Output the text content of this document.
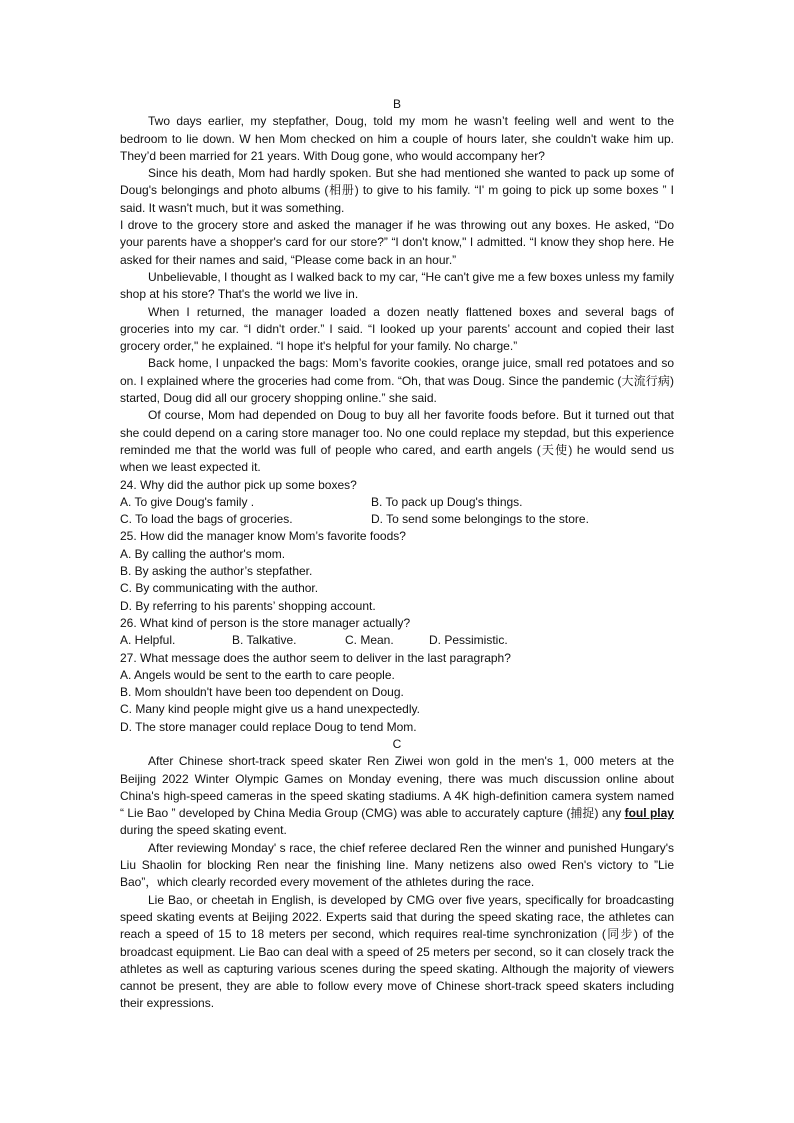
B

Two days earlier, my stepfather, Doug, told my mom he wasn’t feeling well and went to the bedroom to lie down. W hen Mom checked on him a couple of hours later, she couldn't wake him up. They’d been married for 21 years. With Doug gone, who would accompany her?

Since his death, Mom had hardly spoken. But she had mentioned she wanted to pack up some of Doug's belongings and photo albums (相册) to give to his family. “I' m going to pick up some boxes ” I said. It wasn't much, but it was something.

I drove to the grocery store and asked the manager if he was throwing out any boxes. He asked, “Do your parents have a shopper's card for our store?” “I don't know," I admitted. “I know they shop here. He asked for their names and said, “Please come back in an hour.”

Unbelievable, I thought as I walked back to my car, “He can't give me a few boxes unless my family shop at his store? That's the world we live in.

When I returned, the manager loaded a dozen neatly flattened boxes and several bags of groceries into my car. “I didn't order.” I said. “I looked up your parents’ account and copied their last grocery order," he explained. “I hope it's helpful for your family. No charge.”

Back home, I unpacked the bags: Mom’s favorite cookies, orange juice, small red potatoes and so on. I explained where the groceries had come from. “Oh, that was Doug. Since the pandemic (大流行病) started, Doug did all our grocery shopping online.” she said.

Of course, Mom had depended on Doug to buy all her favorite foods before. But it turned out that she could depend on a caring store manager too. No one could replace my stepdad, but this experience reminded me that the world was full of people who cared, and earth angels (天使) he would send us when we least expected it.

24. Why did the author pick up some boxes?

A. To give Doug's family .	B. To pack up Doug's things.
C. To load the bags of groceries.	D. To send some belongings to the store.

25. How did the manager know Mom’s favorite foods?

A. By calling the author's mom.

B. By asking the author’s stepfather.

C. By communicating with the author.

D. By referring to his parents’ shopping account.

26. What kind of person is the store manager actually?

A. Helpful.	B. Talkative.	C. Mean.	D. Pessimistic.

27. What message does the author seem to deliver in the last paragraph?

A. Angels would be sent to the earth to care people.

B. Mom shouldn't have been too dependent on Doug.

C. Many kind people might give us a hand unexpectedly.

D. The store manager could replace Doug to tend Mom.

C

After Chinese short-track speed skater Ren Ziwei won gold in the men's 1, 000 meters at the Beijing 2022 Winter Olympic Games on Monday evening, there was much discussion online about China's high-speed cameras in the speed skating stadiums. A 4K high-definition camera system named “ Lie Bao ” developed by China Media Group (CMG) was able to accurately capture (捕捉) any foul play during the speed skating event.

After reviewing Monday' s race, the chief referee declared Ren the winner and punished Hungary's Liu Shaolin for blocking Ren near the finishing line. Many netizens also owed Ren's victory to ”Lie Bao”，which clearly recorded every movement of the athletes during the race.

Lie Bao, or cheetah in English, is developed by CMG over five years, specifically for broadcasting speed skating events at Beijing 2022. Experts said that during the speed skating race, the athletes can reach a speed of 15 to 18 meters per second, which requires real-time synchronization (同步) of the broadcast equipment. Lie Bao can deal with a speed of 25 meters per second, so it can closely track the athletes as well as capturing various scenes during the speed skating. Although the majority of viewers cannot be present, they are able to follow every move of Chinese short-track speed skaters including their expressions.
